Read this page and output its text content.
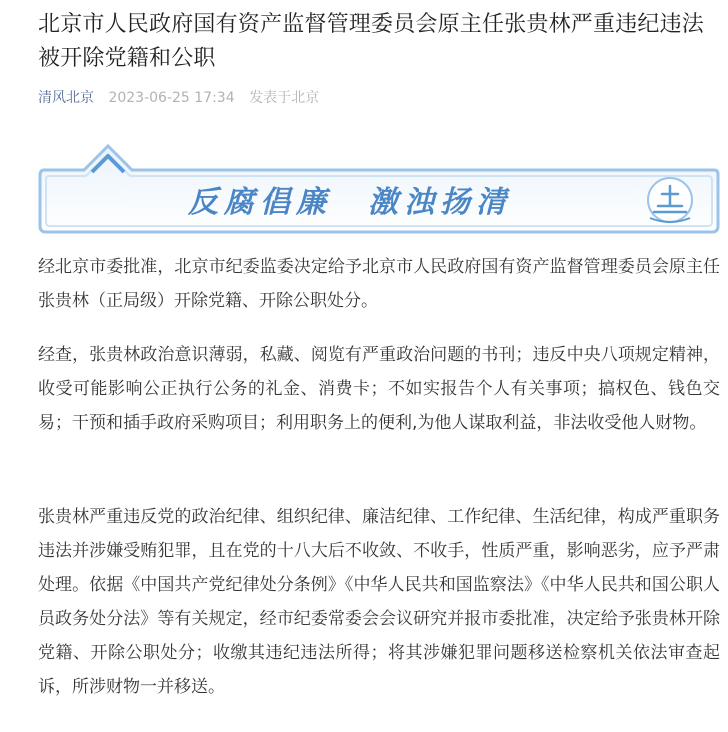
北京市人民政府国有资产监督管理委员会原主任张贵林严重违纪违法被开除党籍和公职
清风北京 2023-06-25 17:34 发表于北京
反腐倡廉　激浊扬清

经北京市委批准，北京市纪委监委决定给予北京市人民政府国有资产监督管理委员会原主任张贵林（正局级）开除党籍、开除公职处分。

经查，张贵林政治意识薄弱，私藏、阅览有严重政治问题的书刊；违反中央八项规定精神，收受可能影响公正执行公务的礼金、消费卡；不如实报告个人有关事项；搞权色、钱色交易；干预和插手政府采购项目；利用职务上的便利,为他人谋取利益，非法收受他人财物。

张贵林严重违反党的政治纪律、组织纪律、廉洁纪律、工作纪律、生活纪律，构成严重职务违法并涉嫌受贿犯罪，且在党的十八大后不收敛、不收手，性质严重，影响恶劣，应予严肃处理。依据《中国共产党纪律处分条例》《中华人民共和国监察法》《中华人民共和国公职人员政务处分法》等有关规定，经市纪委常委会会议研究并报市委批准，决定给予张贵林开除党籍、开除公职处分；收缴其违纪违法所得；将其涉嫌犯罪问题移送检察机关依法审查起诉，所涉财物一并移送。
